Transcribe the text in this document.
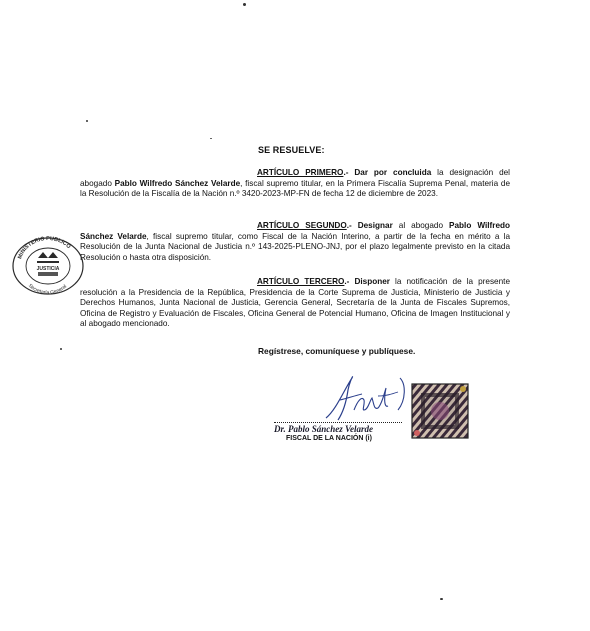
SE RESUELVE:

ARTÍCULO PRIMERO.- Dar por concluida la designación del abogado Pablo Wilfredo Sánchez Velarde, fiscal supremo titular, en la Primera Fiscalía Suprema Penal, materia de la Resolución de la Fiscalía de la Nación n.º 3420-2023-MP-FN de fecha 12 de diciembre de 2023.

ARTÍCULO SEGUNDO.- Designar al abogado Pablo Wilfredo Sánchez Velarde, fiscal supremo titular, como Fiscal de la Nación Interino, a partir de la fecha en mérito a la Resolución de la Junta Nacional de Justicia n.º 143-2025-PLENO-JNJ, por el plazo legalmente previsto en la citada Resolución o hasta otra disposición.

ARTÍCULO TERCERO.- Disponer la notificación de la presente resolución a la Presidencia de la República, Presidencia de la Corte Suprema de Justicia, Ministerio de Justicia y Derechos Humanos, Junta Nacional de Justicia, Gerencia General, Secretaría de la Junta de Fiscales Supremos, Oficina de Registro y Evaluación de Fiscales, Oficina General de Potencial Humano, Oficina de Imagen Institucional y al abogado mencionado.

Regístrese, comuníquese y publíquese.
MINISTERIO PÚBLICO
Secretaría General
JUSTICIA
Dr. Pablo Sánchez Velarde
FISCAL DE LA NACIÓN (i)
